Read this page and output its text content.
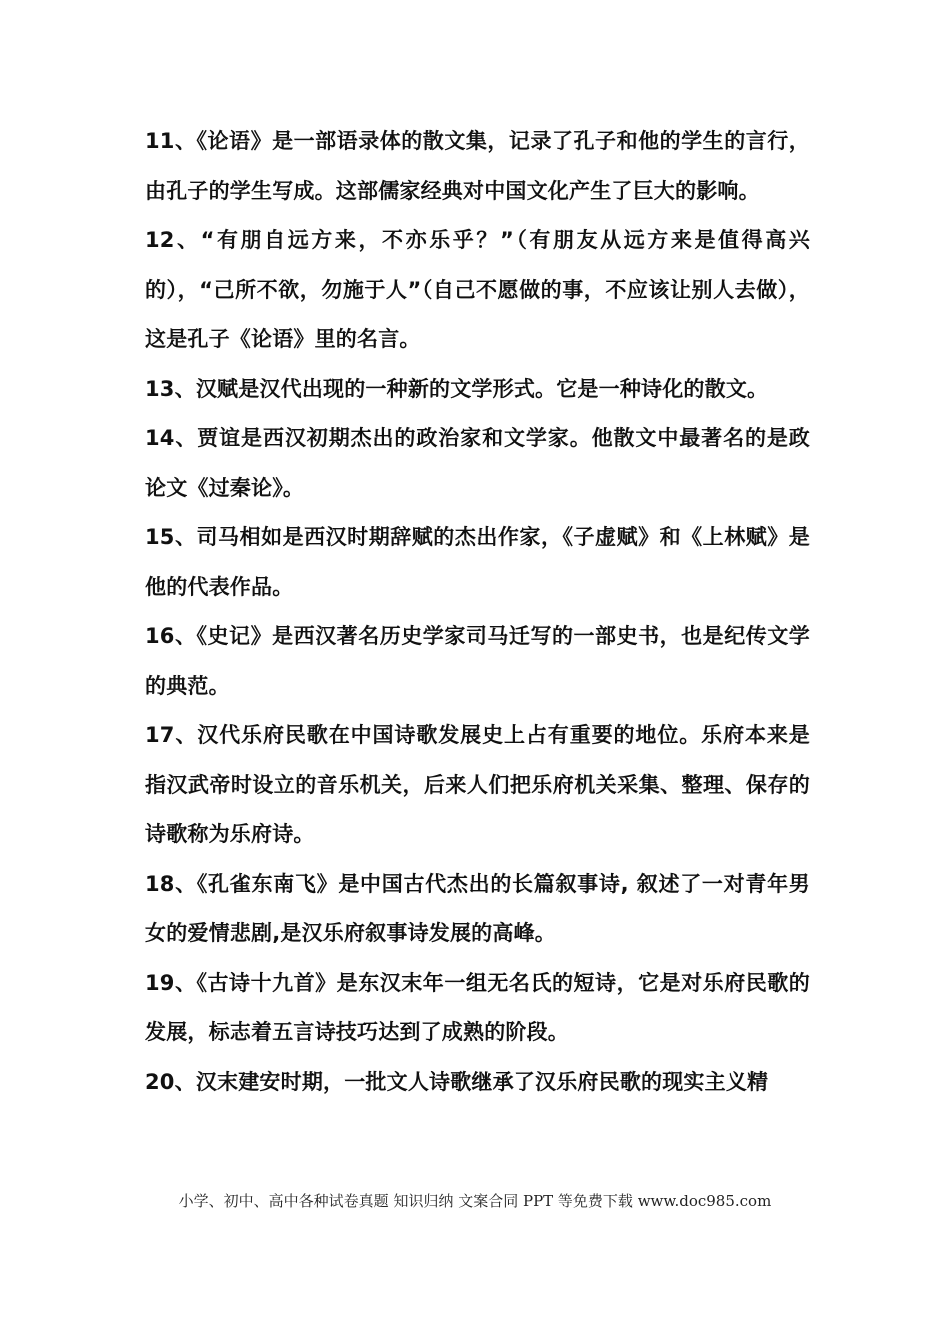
11、《论语》是一部语录体的散文集，记录了孔子和他的学生的言行，由孔子的学生写成。这部儒家经典对中国文化产生了巨大的影响。

12、“有朋自远方来，不亦乐乎？”（有朋友从远方来是值得高兴的），“己所不欲，勿施于人”（自己不愿做的事，不应该让别人去做），这是孔子《论语》里的名言。

13、汉赋是汉代出现的一种新的文学形式。它是一种诗化的散文。

14、贾谊是西汉初期杰出的政治家和文学家。他散文中最著名的是政论文《过秦论》。

15、司马相如是西汉时期辞赋的杰出作家，《子虚赋》和《上林赋》是他的代表作品。

16、《史记》是西汉著名历史学家司马迁写的一部史书，也是纪传文学的典范。

17、汉代乐府民歌在中国诗歌发展史上占有重要的地位。乐府本来是指汉武帝时设立的音乐机关，后来人们把乐府机关采集、整理、保存的诗歌称为乐府诗。

18、《孔雀东南飞》是中国古代杰出的长篇叙事诗, 叙述了一对青年男女的爱情悲剧,是汉乐府叙事诗发展的高峰。

19、《古诗十九首》是东汉末年一组无名氏的短诗，它是对乐府民歌的发展，标志着五言诗技巧达到了成熟的阶段。

20、汉末建安时期，一批文人诗歌继承了汉乐府民歌的现实主义精

小学、初中、高中各种试卷真题 知识归纳 文案合同 PPT 等免费下载 www.doc985.com
